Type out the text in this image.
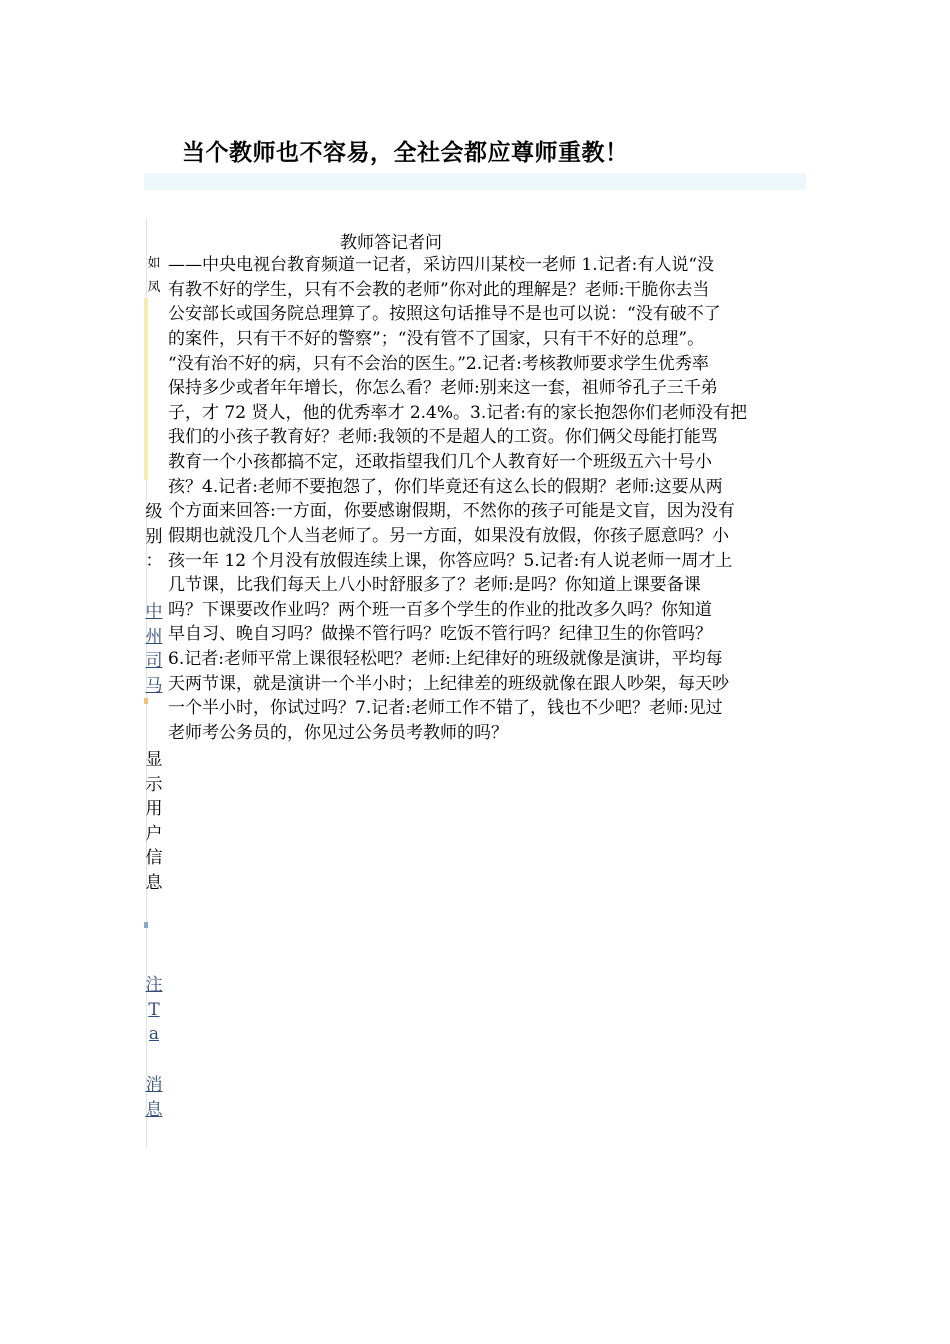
当个教师也不容易，全社会都应尊师重教！
如
凤
级
别
：
中
州
司
马
显
示
用
户
信
息
注
T
a
消
息
教师答记者问
——中央电视台教育频道一记者，采访四川某校一老师 1.记者:有人说“没
有教不好的学生，只有不会教的老师”你对此的理解是？老师:干脆你去当
公安部长或国务院总理算了。按照这句话推导不是也可以说：“没有破不了
的案件，只有干不好的警察”；“没有管不了国家，只有干不好的总理”。
“没有治不好的病，只有不会治的医生。”2.记者:考核教师要求学生优秀率
保持多少或者年年增长，你怎么看？老师:别来这一套，祖师爷孔子三千弟
子，才 72 贤人，他的优秀率才 2.4%。3.记者:有的家长抱怨你们老师没有把
我们的小孩子教育好？老师:我领的不是超人的工资。你们俩父母能打能骂
教育一个小孩都搞不定，还敢指望我们几个人教育好一个班级五六十号小
孩？4.记者:老师不要抱怨了，你们毕竟还有这么长的假期？老师:这要从两
个方面来回答:一方面，你要感谢假期，不然你的孩子可能是文盲，因为没有
假期也就没几个人当老师了。另一方面，如果没有放假，你孩子愿意吗？小
孩一年 12 个月没有放假连续上课，你答应吗？5.记者:有人说老师一周才上
几节课，比我们每天上八小时舒服多了？老师:是吗？你知道上课要备课
吗？下课要改作业吗？两个班一百多个学生的作业的批改多久吗？你知道
早自习、晚自习吗？做操不管行吗？吃饭不管行吗？纪律卫生的你管吗？
6.记者:老师平常上课很轻松吧？老师:上纪律好的班级就像是演讲，平均每
天两节课，就是演讲一个半小时；上纪律差的班级就像在跟人吵架，每天吵
一个半小时，你试过吗？7.记者:老师工作不错了，钱也不少吧？老师:见过
老师考公务员的，你见过公务员考教师的吗？
